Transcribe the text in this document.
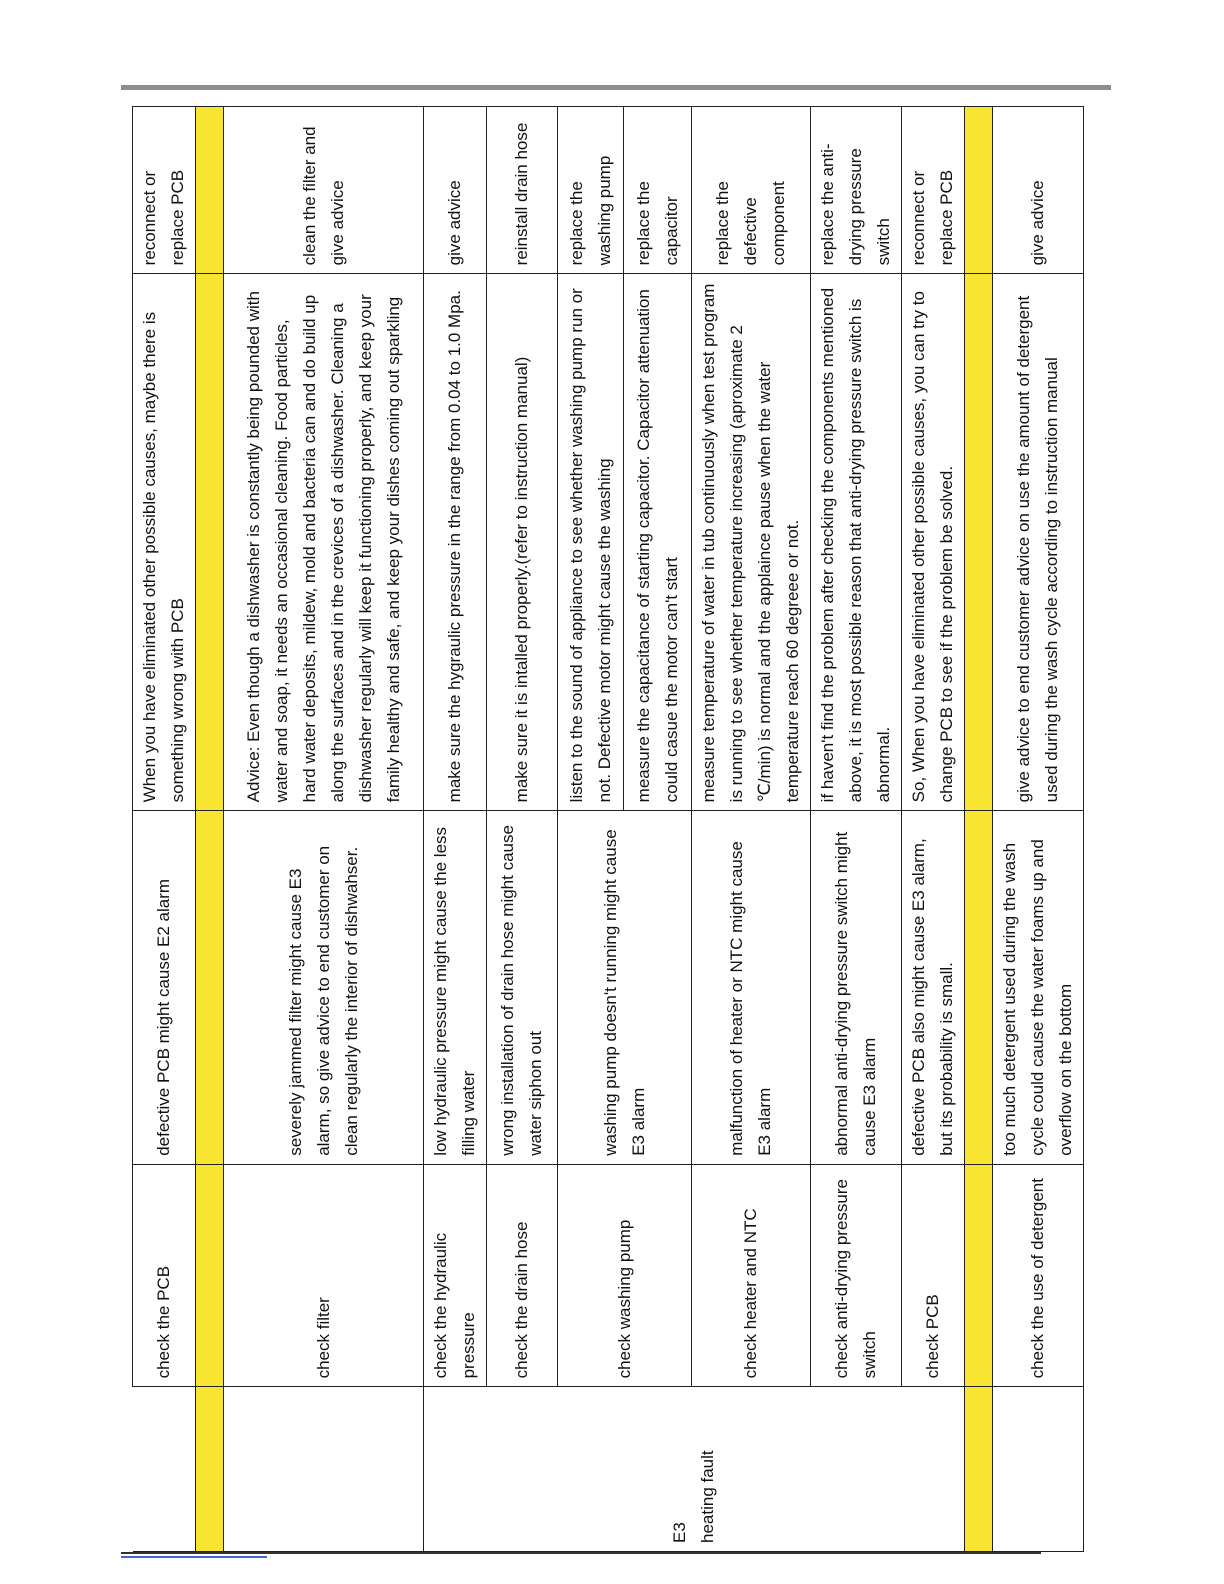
	check the PCB	defective PCB might cause E2 alarm	When you have eliminated other possible causes, maybe there is something wrong with PCB	reconnect or replace PCB

	check filter	severely jammed filter might cause E3 alarm, so give advice to end customer on clean regularly the interior of dishwahser.	Advice: Even though a dishwasher is constantly being pounded with water and soap, it needs an occasional cleaning. Food particles, hard water deposits, mildew, mold and bacteria can and do build up along the surfaces and in the crevices of a dishwasher. Cleaning a dishwasher regularly will keep it functioning properly, and keep your family healthy and safe, and keep your dishes coming out sparkling	clean the filter and give advice

E3 heating fault	check the hydraulic pressure	low hydraulic pressure might cause the less filling water	make sure the hygraulic pressure in the range from 0.04 to 1.0 Mpa.	give advice
	check the drain hose	wrong installation of drain hose might cause water siphon out	make sure it is intalled properly.(refer to instruction manual)	reinstall drain hose
	check washing pump	washing pump doesn't running might cause E3 alarm	listen to the sound of appliance to see whether washing pump run or not. Defective motor might cause the washing	replace the washing pump
			measure the capacitance of starting capacitor. Capacitor attenuation could casue the motor can't start	replace the capacitor
	check heater and NTC	malfunction of heater or NTC might cause E3 alarm	measure temperature of water in tub continuously when test program is running to see whether temperature increasing (aproximate 2 ℃/min) is normal and the applaince pause when the water temperature reach 60 degreee or not.	replace the defective component
	check anti-drying pressure switch	abnormal anti-drying pressure switch might cause E3 alarm	if haven't find the problem after checking the components mentioned above, it is most possible reason that anti-drying pressure switch is abnormal.	replace the anti-drying pressure switch
	check PCB	defective PCB also might cause E3 alarm, but its probability is small.	So, When you have eliminated other possible causes, you can try to change PCB to see if the problem be solved.	reconnect or replace PCB

	check the use of detergent	too much detergent used during the wash cycle could cause the water foams up and overflow on the bottom	give advice to end customer advice on use the amount of detergent used during the wash cycle according to instruction manual	give advice
